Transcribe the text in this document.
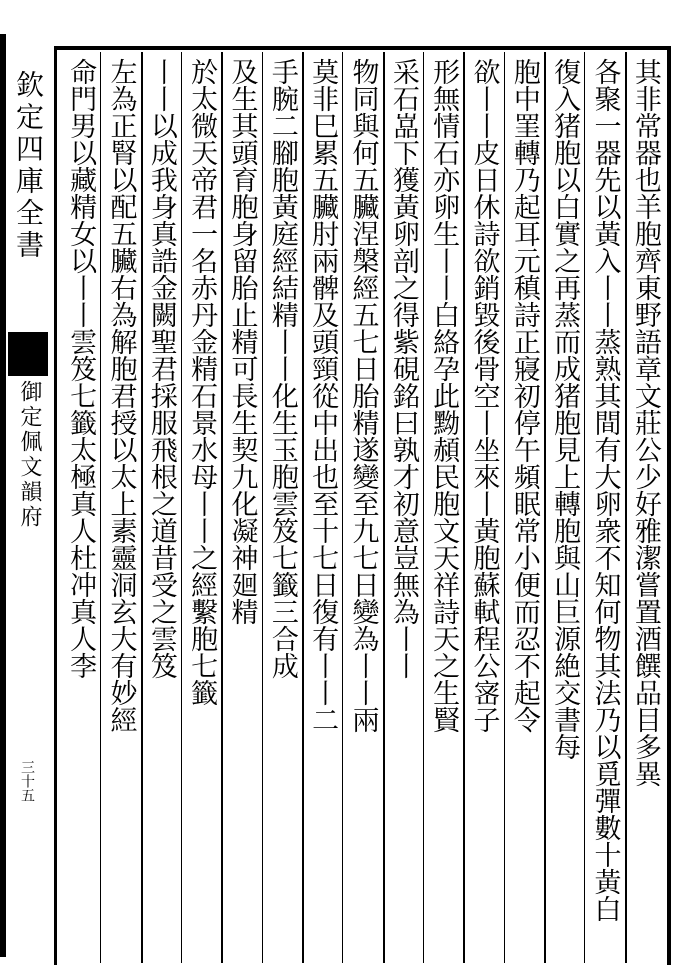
欽定四庫全書
御定佩文韻府
三十五	其非常器也羊胞齊東野語章文莊公少好雅潔嘗置酒饌品目多異
各聚一器先以黃入丨丨蒸熟其間有大卵衆不知何物其法乃以覓彈數十黃白
復入猪胞以白實之再蒸而成猪胞見上轉胞與山巨源絶交書每
胞中罣轉乃起耳元稹詩正寢初停午頻眠常小便而忍不起令
欲丨丨皮日休詩欲銷毀後骨空丨坐來丨黃胞蘇軾程公宻子
形無情石亦卵生丨丨白絡孕此黝頳民胞文天祥詩天之生賢
采石嵓下獲黃卵剖之得紫硯銘曰孰才初意豈無為丨丨
物同與何五臟涅槃經五七日胎精遂變至九七日變為丨丨兩
莫非巳累五臟肘兩髀及頭頸從中出也至十七日復有丨丨二
手腕二腳胞黃庭經結精丨丨化生玉胞雲笈七籤三合成
及生其頭育胞身留胎止精可長生契九化凝神廻精
於太微天帝君一名赤丹金精石景水母丨丨之經繫胞七籤
丨丨以成我身真誥金闕聖君採服飛根之道昔受之雲笈
左為正腎以配五臟右為解胞君授以太上素靈洞玄大有妙經
命門男以藏精女以丨丨雲笈七籤太極真人杜冲真人李
